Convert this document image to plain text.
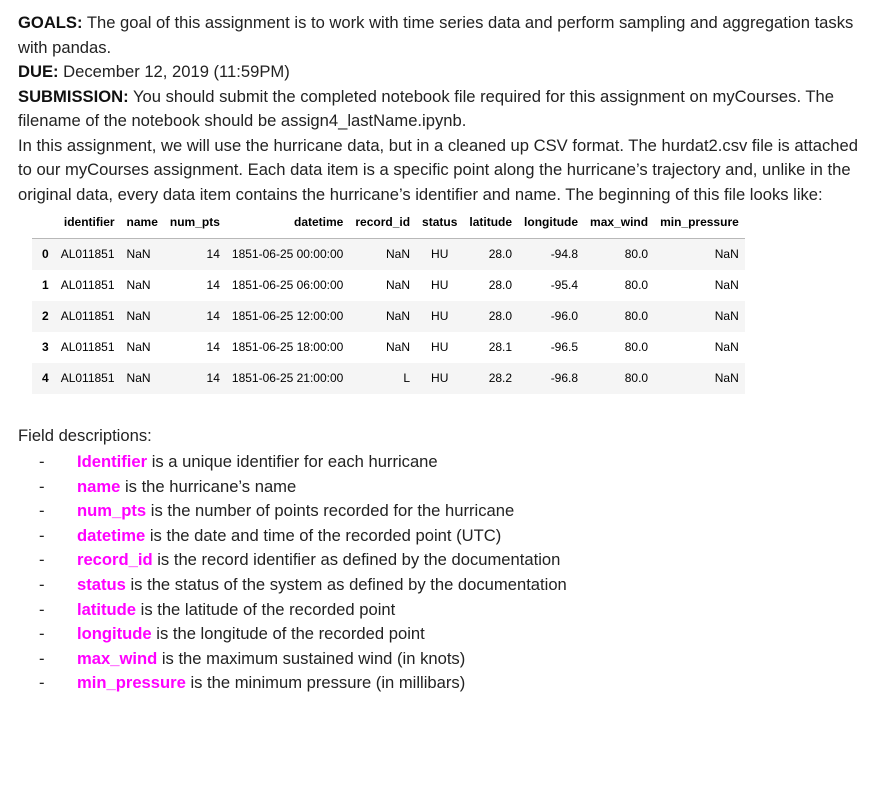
GOALS: The goal of this assignment is to work with time series data and perform sampling and aggregation tasks with pandas.

DUE: December 12, 2019 (11:59PM)

SUBMISSION: You should submit the completed notebook file required for this assignment on myCourses. The filename of the notebook should be assign4_lastName.ipynb.

In this assignment, we will use the hurricane data, but in a cleaned up CSV format. The hurdat2.csv file is attached to our myCourses assignment. Each data item is a specific point along the hurricane’s trajectory and, unlike in the original data, every data item contains the hurricane’s identifier and name. The beginning of this file looks like:

	identifier	name	num_pts	datetime	record_id	status	latitude	longitude	max_wind	min_pressure
0	AL011851	NaN	14	1851-06-25 00:00:00	NaN	HU	28.0	-94.8	80.0	NaN
1	AL011851	NaN	14	1851-06-25 06:00:00	NaN	HU	28.0	-95.4	80.0	NaN
2	AL011851	NaN	14	1851-06-25 12:00:00	NaN	HU	28.0	-96.0	80.0	NaN
3	AL011851	NaN	14	1851-06-25 18:00:00	NaN	HU	28.1	-96.5	80.0	NaN
4	AL011851	NaN	14	1851-06-25 21:00:00	L	HU	28.2	-96.8	80.0	NaN

Field descriptions:

- Identifier is a unique identifier for each hurricane
- name is the hurricane’s name
- num_pts is the number of points recorded for the hurricane
- datetime is the date and time of the recorded point (UTC)
- record_id is the record identifier as defined by the documentation
- status is the status of the system as defined by the documentation
- latitude is the latitude of the recorded point
- longitude is the longitude of the recorded point
- max_wind is the maximum sustained wind (in knots)
- min_pressure is the minimum pressure (in millibars)
